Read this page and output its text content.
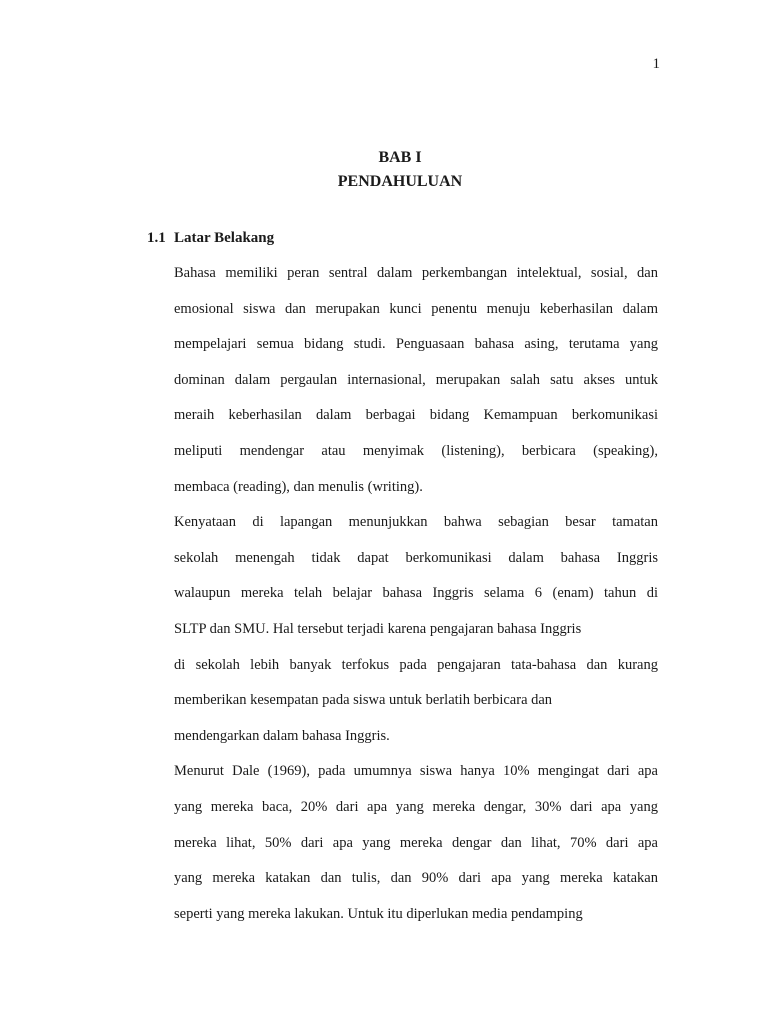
1
BAB I
PENDAHULUAN
1.1 Latar Belakang

Bahasa memiliki peran sentral dalam perkembangan intelektual, sosial, dan

emosional siswa dan merupakan kunci penentu menuju keberhasilan dalam

mempelajari semua bidang studi. Penguasaan bahasa asing, terutama yang

dominan dalam pergaulan internasional, merupakan salah satu akses untuk

meraih keberhasilan dalam berbagai bidang Kemampuan berkomunikasi

meliputi mendengar atau menyimak (listening), berbicara (speaking),

membaca (reading), dan menulis (writing).

Kenyataan di lapangan menunjukkan bahwa sebagian besar tamatan

sekolah menengah tidak dapat berkomunikasi dalam bahasa Inggris

walaupun mereka telah belajar bahasa Inggris selama 6 (enam) tahun di

SLTP dan SMU. Hal tersebut terjadi karena pengajaran bahasa Inggris

di sekolah lebih banyak terfokus pada pengajaran tata-bahasa dan kurang

memberikan kesempatan pada siswa untuk berlatih berbicara dan

mendengarkan dalam bahasa Inggris.

Menurut Dale (1969), pada umumnya siswa hanya 10% mengingat dari apa

yang mereka baca, 20% dari apa yang mereka dengar, 30% dari apa yang

mereka lihat, 50% dari apa yang mereka dengar dan lihat, 70% dari apa

yang mereka katakan dan tulis, dan 90% dari apa yang mereka katakan

seperti yang mereka lakukan. Untuk itu diperlukan media pendamping
